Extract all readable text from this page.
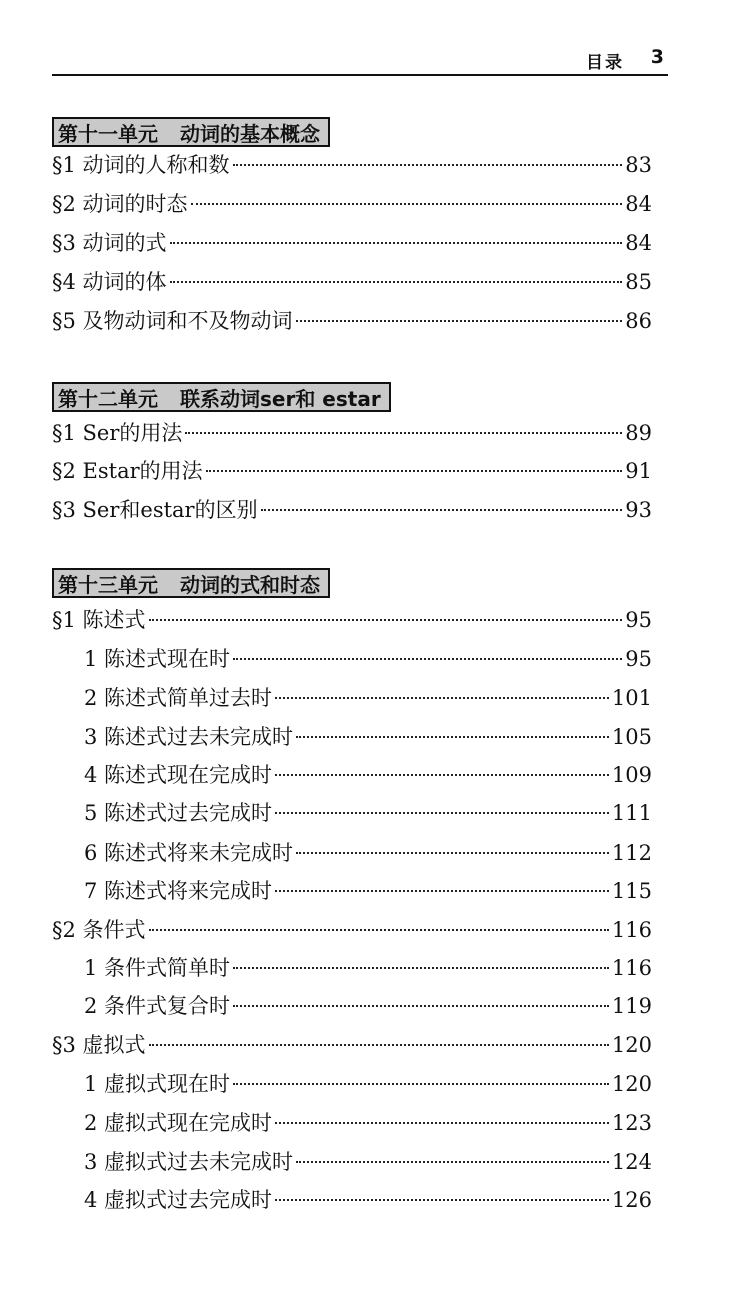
目录 3
第十一单元 动词的基本概念
§1 动词的人称和数	83
§2 动词的时态	84
§3 动词的式	84
§4 动词的体	85
§5 及物动词和不及物动词	86
第十二单元 联系动词ser和 estar
§1 Ser的用法	89
§2 Estar的用法	91
§3 Ser和estar的区别	93
第十三单元 动词的式和时态
§1 陈述式	95
1 陈述式现在时	95
2 陈述式简单过去时	101
3 陈述式过去未完成时	105
4 陈述式现在完成时	109
5 陈述式过去完成时	111
6 陈述式将来未完成时	112
7 陈述式将来完成时	115
§2 条件式	116
1 条件式简单时	116
2 条件式复合时	119
§3 虚拟式	120
1 虚拟式现在时	120
2 虚拟式现在完成时	123
3 虚拟式过去未完成时	124
4 虚拟式过去完成时	126
